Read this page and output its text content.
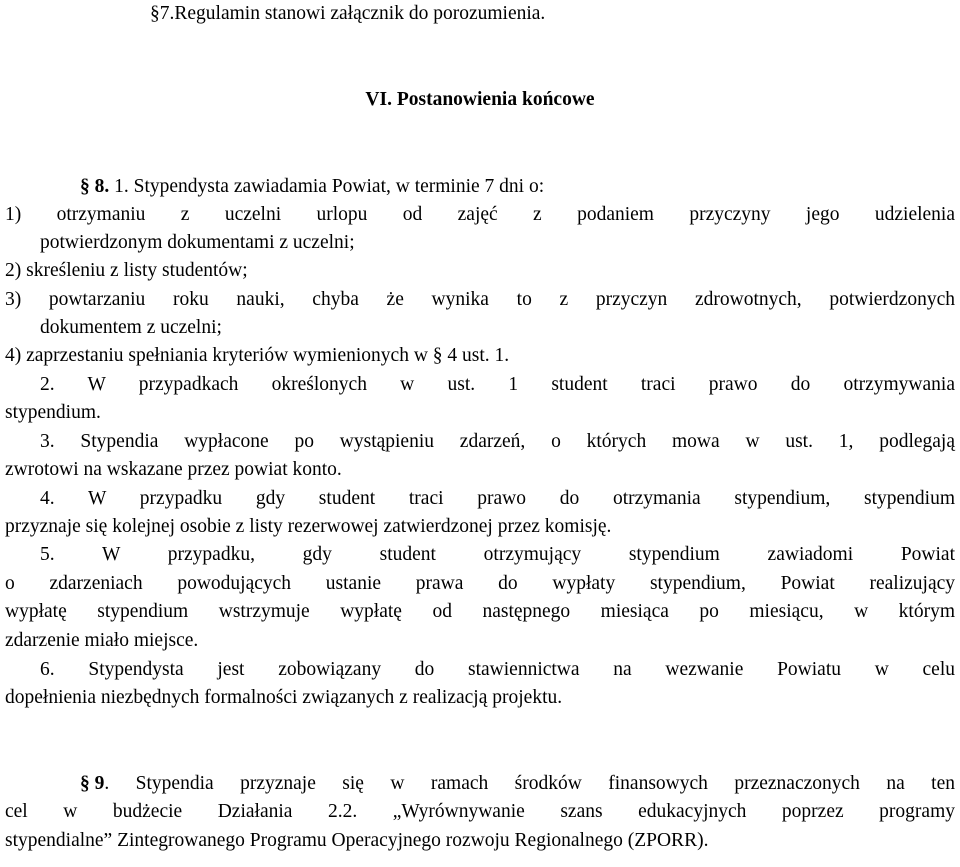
§7.Regulamin stanowi załącznik do porozumienia.
VI. Postanowienia końcowe
§ 8. 1. Stypendysta zawiadamia Powiat, w terminie 7 dni o:
1) otrzymaniu z uczelni urlopu od zajęć z podaniem przyczyny jego udzielenia
potwierdzonym dokumentami z uczelni;
2) skreśleniu z listy studentów;
3) powtarzaniu roku nauki, chyba że wynika to z przyczyn zdrowotnych, potwierdzonych
dokumentem z uczelni;
4) zaprzestaniu spełniania kryteriów wymienionych w § 4 ust. 1.
2. W przypadkach określonych w ust. 1 student traci prawo do otrzymywania
stypendium.
3. Stypendia wypłacone po wystąpieniu zdarzeń, o których mowa w ust. 1, podlegają
zwrotowi na wskazane przez powiat konto.
4. W przypadku gdy student traci prawo do otrzymania stypendium, stypendium
przyznaje się kolejnej osobie z listy rezerwowej zatwierdzonej przez komisję.
5. W przypadku, gdy student otrzymujący stypendium zawiadomi Powiat
o zdarzeniach powodujących ustanie prawa do wypłaty stypendium, Powiat realizujący
wypłatę stypendium wstrzymuje wypłatę od następnego miesiąca po miesiącu, w którym
zdarzenie miało miejsce.
6. Stypendysta jest zobowiązany do stawiennictwa na wezwanie Powiatu w celu
dopełnienia niezbędnych formalności związanych z realizacją projektu.
§
9 . Stypendia przyznaje się w ramach środków finansowych przeznaczonych na ten
cel w budżecie Działania 2.2. „Wyrównywanie szans edukacyjnych poprzez programy
stypendialne” Zintegrowanego Programu Operacyjnego rozwoju Regionalnego (ZPORR).
